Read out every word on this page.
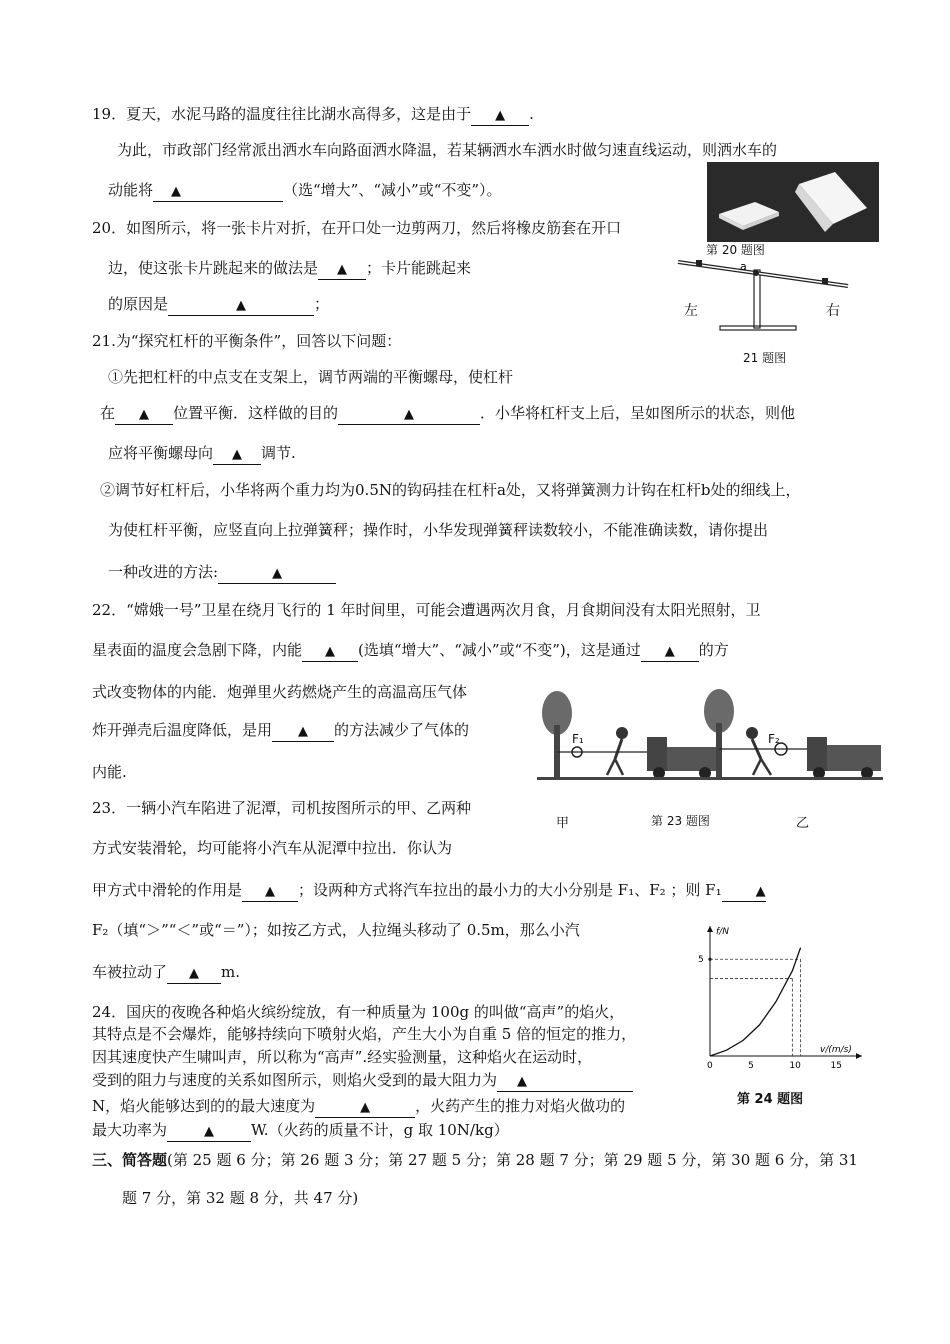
19．夏天，水泥马路的温度往往比湖水高得多，这是由于 ▲ .
为此，市政部门经常派出洒水车向路面洒水降温，若某辆洒水车洒水时做匀速直线运动，则洒水车的
动能将 ▲	（选“增大”、“减小”或“不变”）。
第 20 题图
20．如图所示，将一张卡片对折，在开口处一边剪两刀，然后将橡皮筋套在开口
边，使这张卡片跳起来的做法是 ▲ ；卡片能跳起来
的原因是	▲	；
a
左	右
21 题图
21.为“探究杠杆的平衡条件”，回答以下问题：
①先把杠杆的中点支在支架上，调节两端的平衡螺母，使杠杆
在 ▲ 位置平衡．这样做的目的	▲	．小华将杠杆支上后，呈如图所示的状态，则他
应将平衡螺母向 ▲ 调节.
②调节好杠杆后，小华将两个重力均为0.5N的钩码挂在杠杆a处，又将弹簧测力计钩在杠杆b处的细线上，
为使杠杆平衡，应竖直向上拉弹簧秤；操作时，小华发现弹簧秤读数较小，不能准确读数，请你提出
一种改进的方法:	▲
22．“嫦娥一号”卫星在绕月飞行的 1 年时间里，可能会遭遇两次月食，月食期间没有太阳光照射，卫
星表面的温度会急剧下降，内能 ▲ (选填“增大”、“减小”或“不变”)，这是通过 ▲ 的方
式改变物体的内能．炮弹里火药燃烧产生的高温高压气体
炸开弹壳后温度降低，是用 ▲ 的方法减少了气体的
内能.
F₁	F₂
甲	第 23 题图	乙
23．一辆小汽车陷进了泥潭，司机按图所示的甲、乙两种
方式安装滑轮，均可能将小汽车从泥潭中拉出．你认为
甲方式中滑轮的作用是 ▲ ；设两种方式将汽车拉出的最小力的大小分别是 F₁、F₂ ；则 F₁	▲
F₂（填“＞”“＜”或“＝”）；如按乙方式，人拉绳头移动了 0.5m，那么小汽
车被拉动了 ▲ m.
v/(m/s)
f/N
0	5	10	15
5
第 24 题图
24．国庆的夜晚各种焰火缤纷绽放，有一种质量为 100g 的叫做“高声”的焰火，
其特点是不会爆炸，能够持续向下喷射火焰，产生大小为自重 5 倍的恒定的推力，
因其速度快产生啸叫声，所以称为“高声”.经实验测量，这种焰火在运动时，
受到的阻力与速度的关系如图所示，则焰火受到的最大阻力为 ▲
N，焰火能够达到的的最大速度为	▲	，火药产生的推力对焰火做功的
最大功率为	▲ W.（火药的质量不计，g 取 10N/kg）
三、简答题(第 25 题 6 分；第 26 题 3 分；第 27 题 5 分；第 28 题 7 分；第 29 题 5 分，第 30 题 6 分，第 31
题 7 分，第 32 题 8 分，共 47 分)
